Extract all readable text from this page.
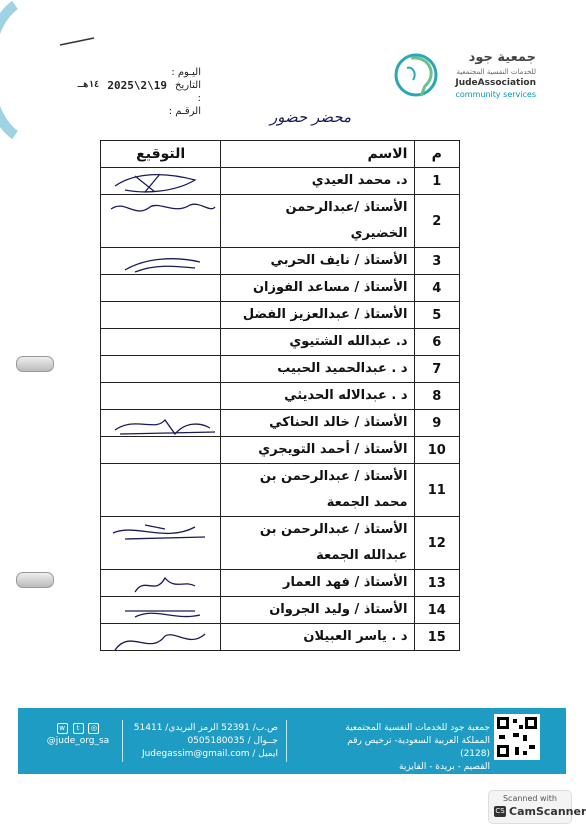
اليـوم :
التاريخ :
19\2\2025
١٤هـ
الرقـم :
جمعية جود
للخدمات النفسية المجتمعية
JudeAssociation
community services
محضر حضور
م	الاسم	التوقيع
1	د. محمد العيدي	

2	الأستاذ /عبدالرحمن الخضيري	

3	الأستاذ / نايف الحربي	

4	الأستاذ / مساعد الفوزان	
5	الأستاذ / عبدالعزيز الفضل	
6	د. عبدالله الشتيوي	
7	د . عبدالحميد الحبيب	
8	د . عبدالاله الحديثي	
9	الأستاذ / خالد الحناكي	

10	الأستاذ / أحمد التويجري	
11	الأستاذ / عبدالرحمن بن محمد الجمعة	
12	الأستاذ / عبدالرحمن بن عبدالله الجمعة	

13	الأستاذ / فهد العمار	

14	الأستاذ / وليد الجروان	

15	د . ياسر العبيلان	
جمعية جود للخدمات النفسية المجتمعية
المملكة العربية السعودية- ترخيص رقم (2128)
القصيم - بريدة - الفايزية
ص.ب/ 52391 الرمز البريدي/ 51411
جــوال / 0505180035
ايميل / Judegassim@gmail.com
w t ◎
@jude_org_sa
Scanned with
CS CamScanner
